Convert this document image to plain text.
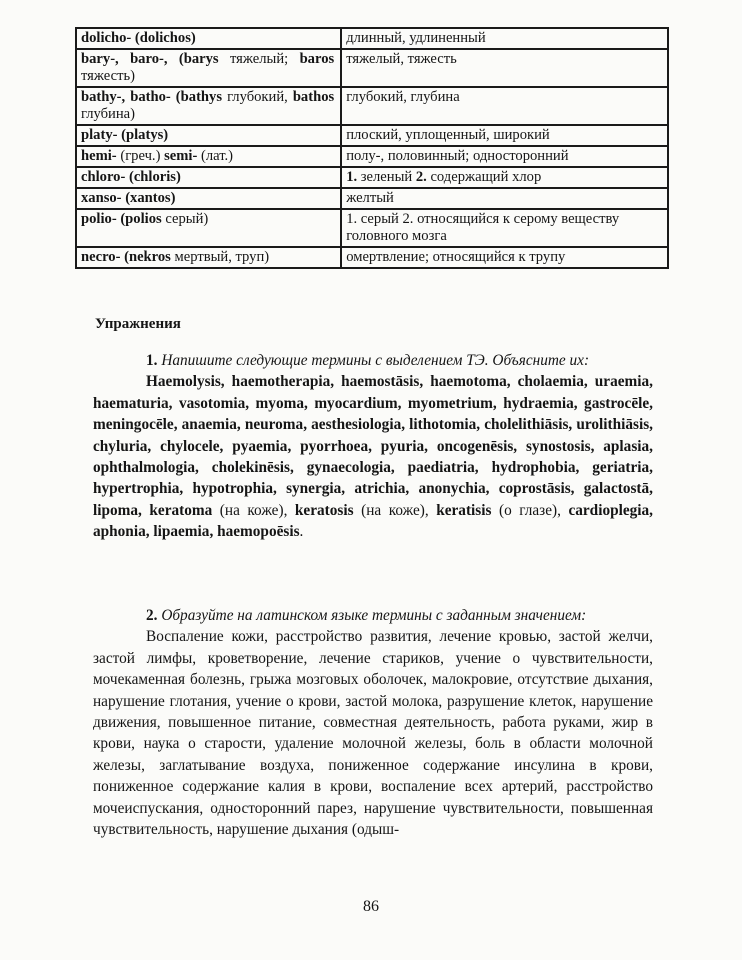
dolicho- (dolichos)	длинный, удлиненный
bary-, baro-, (barys тяжелый; baros тяжесть)	тяжелый, тяжесть
bathy-, batho- (bathys глубокий, bathos глубина)	глубокий, глубина
platy- (platys)	плоский, уплощенный, широкий
hemi- (греч.) semi- (лат.)	полу-, половинный; односторонний
chloro- (chloris)	1. зеленый 2. содержащий хлор
xanso- (xantos)	желтый
polio- (polios серый)	1. серый 2. относящийся к серому веществу головного мозга
necro- (nekros мертвый, труп)	омертвление; относящийся к трупу

Упражнения

1. Напишите следующие термины с выделением ТЭ. Объясните их:

Haemolysis, haemotherapia, haemostāsis, haemotoma, cholaemia, uraemia, haematuria, vasotomia, myoma, myocardium, myometrium, hydraemia, gastrocēle, meningocēle, anaemia, neuroma, aesthesiologia, lithotomia, cholelithiāsis, urolithiāsis, chyluria, chylocele, pyaemia, pyorrhoea, pyuria, oncogenēsis, synostosis, aplasia, ophthalmologia, cholekinēsis, gynaecologia, paediatria, hydrophobia, geriatria, hypertrophia, hypotrophia, synergia, atrichia, anonychia, coprostāsis, galactostā, lipoma, keratoma (на коже), keratosis (на коже), keratisis (о глазе), cardioplegia, aphonia, lipaemia, haemopoēsis.

2. Образуйте на латинском языке термины с заданным значением:

Воспаление кожи, расстройство развития, лечение кровью, застой желчи, застой лимфы, кроветворение, лечение стариков, учение о чувствительности, мочекаменная болезнь, грыжа мозговых оболочек, малокровие, отсутствие дыхания, нарушение глотания, учение о крови, застой молока, разрушение клеток, нарушение движения, повышенное питание, совместная деятельность, работа руками, жир в крови, наука о старости, удаление молочной железы, боль в области молочной железы, заглатывание воздуха, пониженное содержание инсулина в крови, пониженное содержание калия в крови, воспаление всех артерий, расстройство мочеиспускания, односторонний парез, нарушение чувствительности, повышенная чувствительность, нарушение дыхания (одыш-

86
